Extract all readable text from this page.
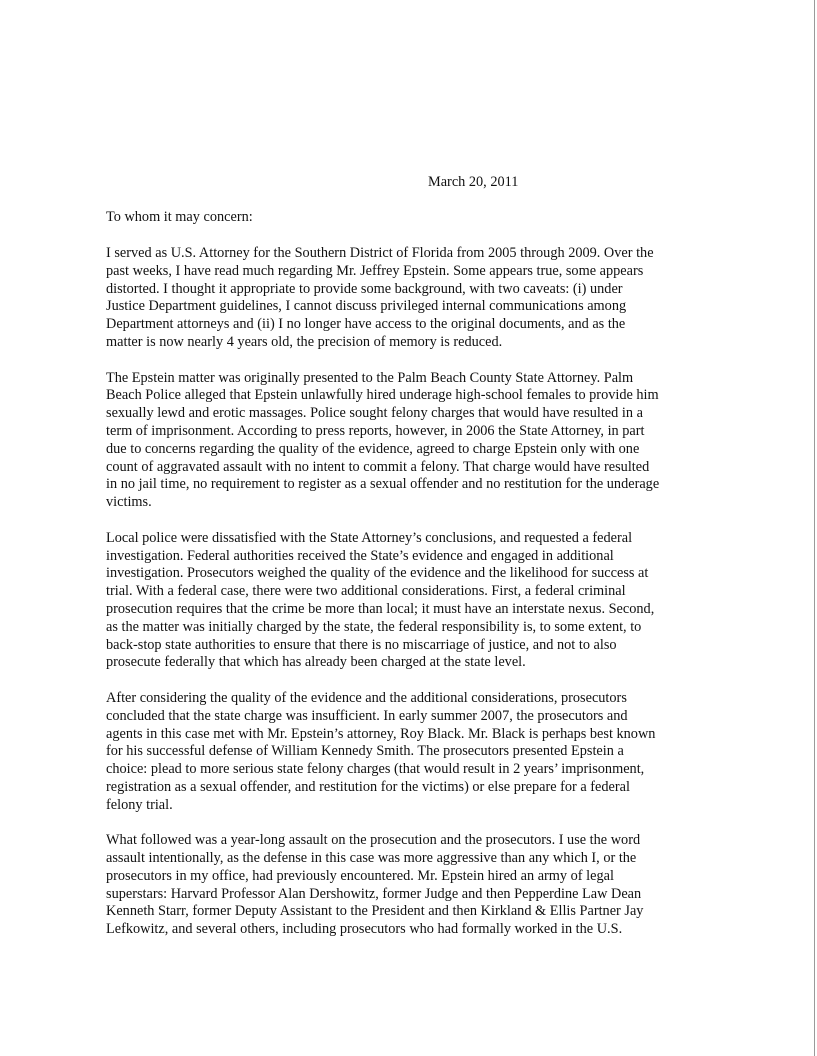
March 20, 2011
To whom it may concern:

I served as U.S. Attorney for the Southern District of Florida from 2005 through 2009. Over the
past weeks, I have read much regarding Mr. Jeffrey Epstein. Some appears true, some appears
distorted. I thought it appropriate to provide some background, with two caveats: (i) under
Justice Department guidelines, I cannot discuss privileged internal communications among
Department attorneys and (ii) I no longer have access to the original documents, and as the
matter is now nearly 4 years old, the precision of memory is reduced.

The Epstein matter was originally presented to the Palm Beach County State Attorney. Palm
Beach Police alleged that Epstein unlawfully hired underage high-school females to provide him
sexually lewd and erotic massages. Police sought felony charges that would have resulted in a
term of imprisonment. According to press reports, however, in 2006 the State Attorney, in part
due to concerns regarding the quality of the evidence, agreed to charge Epstein only with one
count of aggravated assault with no intent to commit a felony. That charge would have resulted
in no jail time, no requirement to register as a sexual offender and no restitution for the underage
victims.

Local police were dissatisfied with the State Attorney’s conclusions, and requested a federal
investigation. Federal authorities received the State’s evidence and engaged in additional
investigation. Prosecutors weighed the quality of the evidence and the likelihood for success at
trial. With a federal case, there were two additional considerations. First, a federal criminal
prosecution requires that the crime be more than local; it must have an interstate nexus. Second,
as the matter was initially charged by the state, the federal responsibility is, to some extent, to
back-stop state authorities to ensure that there is no miscarriage of justice, and not to also
prosecute federally that which has already been charged at the state level.

After considering the quality of the evidence and the additional considerations, prosecutors
concluded that the state charge was insufficient. In early summer 2007, the prosecutors and
agents in this case met with Mr. Epstein’s attorney, Roy Black. Mr. Black is perhaps best known
for his successful defense of William Kennedy Smith. The prosecutors presented Epstein a
choice: plead to more serious state felony charges (that would result in 2 years’ imprisonment,
registration as a sexual offender, and restitution for the victims) or else prepare for a federal
felony trial.

What followed was a year-long assault on the prosecution and the prosecutors. I use the word
assault intentionally, as the defense in this case was more aggressive than any which I, or the
prosecutors in my office, had previously encountered. Mr. Epstein hired an army of legal
superstars: Harvard Professor Alan Dershowitz, former Judge and then Pepperdine Law Dean
Kenneth Starr, former Deputy Assistant to the President and then Kirkland & Ellis Partner Jay
Lefkowitz, and several others, including prosecutors who had formally worked in the U.S.
